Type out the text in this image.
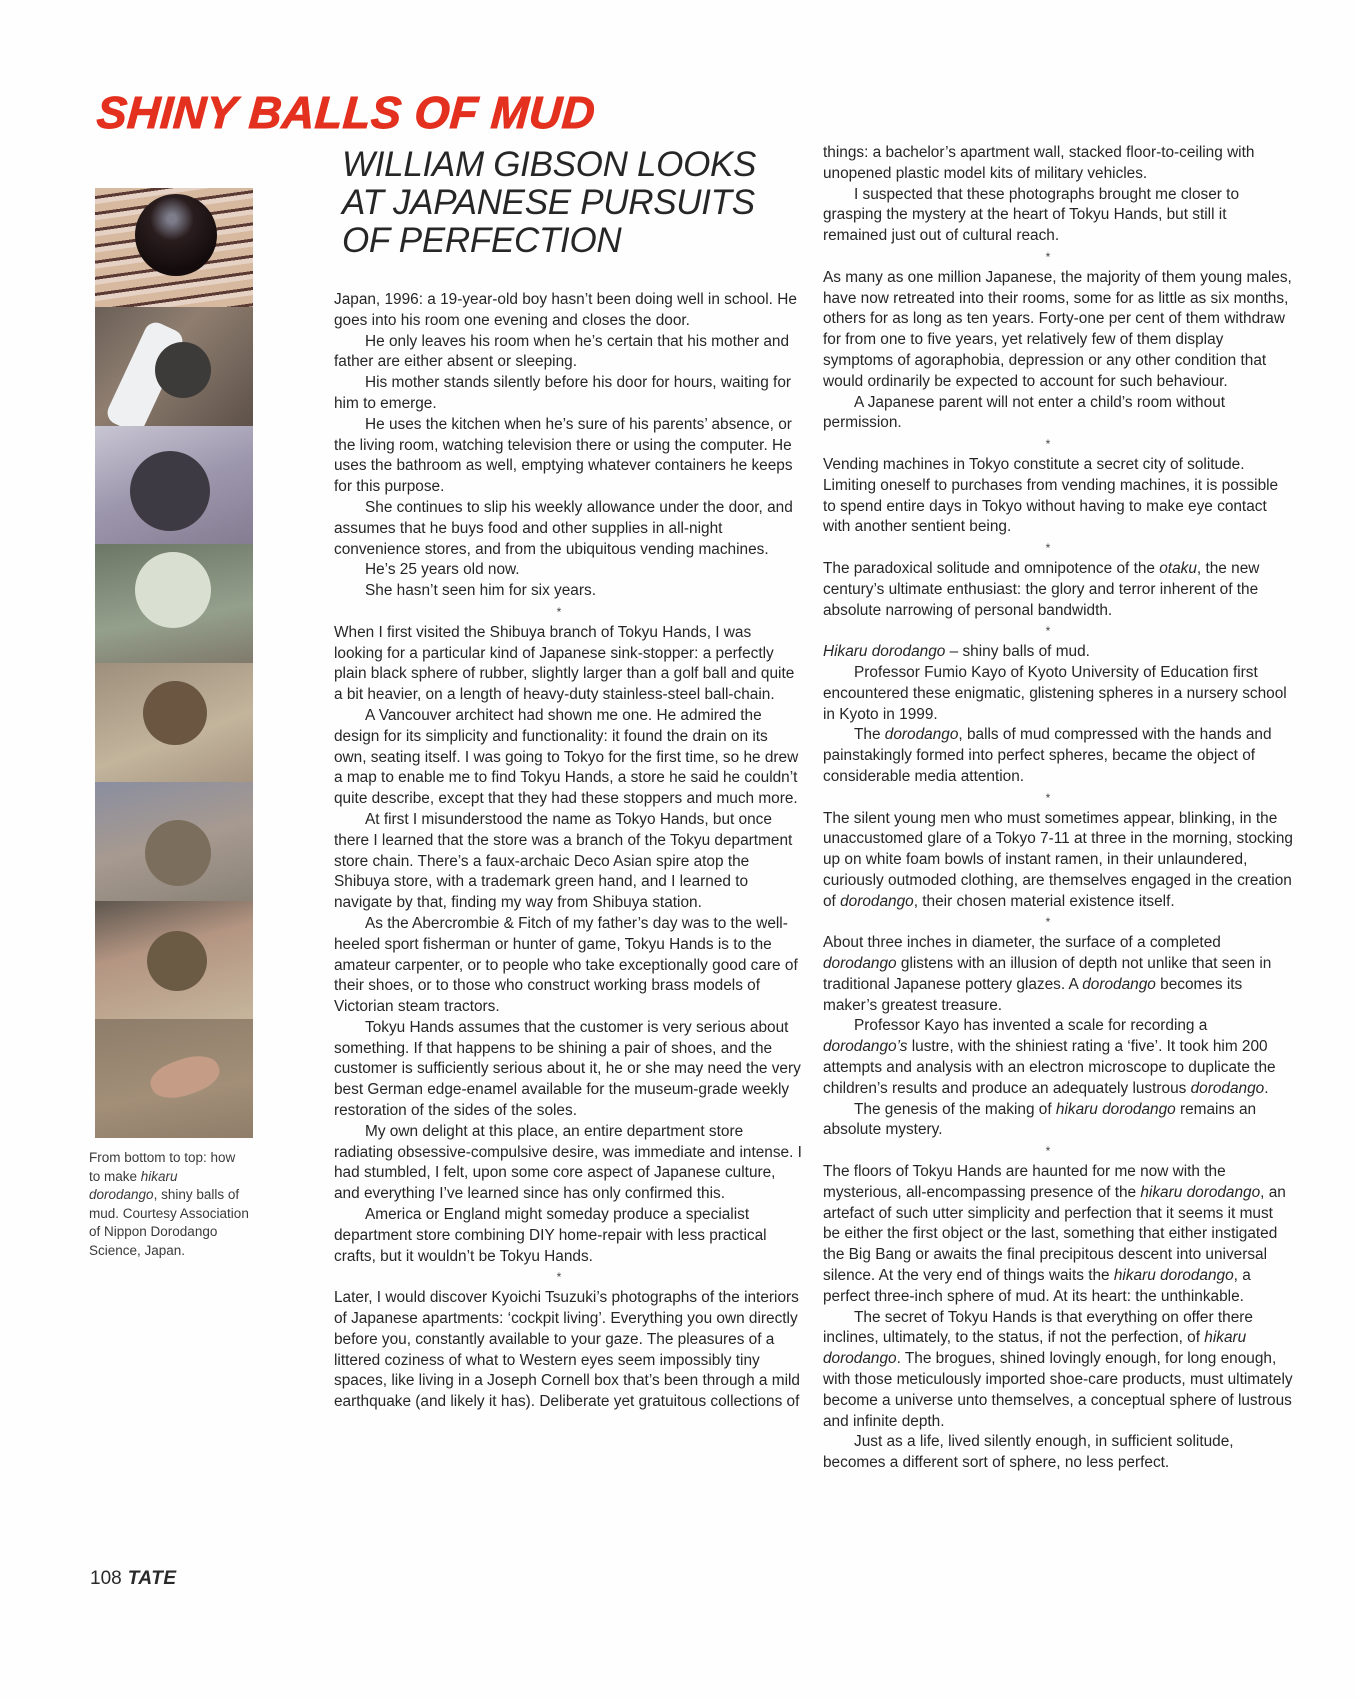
SHINY BALLS OF MUD
WILLIAM GIBSON LOOKS AT JAPANESE PURSUITS OF PERFECTION

From bottom to top: how to make hikaru dorodango, shiny balls of mud. Courtesy Association of Nippon Dorodango Science, Japan.

108 TATE

Japan, 1996: a 19-year-old boy hasn’t been doing well in school. He goes into his room one evening and closes the door.

He only leaves his room when he’s certain that his mother and father are either absent or sleeping.

His mother stands silently before his door for hours, waiting for him to emerge.

He uses the kitchen when he’s sure of his parents’ absence, or the living room, watching television there or using the computer. He uses the bathroom as well, emptying whatever containers he keeps for this purpose.

She continues to slip his weekly allowance under the door, and assumes that he buys food and other supplies in all-night convenience stores, and from the ubiquitous vending machines.

He’s 25 years old now.

She hasn’t seen him for six years.

*

When I first visited the Shibuya branch of Tokyu Hands, I was looking for a particular kind of Japanese sink-stopper: a perfectly plain black sphere of rubber, slightly larger than a golf ball and quite a bit heavier, on a length of heavy-duty stainless-steel ball-chain.

A Vancouver architect had shown me one. He admired the design for its simplicity and functionality: it found the drain on its own, seating itself. I was going to Tokyo for the first time, so he drew a map to enable me to find Tokyu Hands, a store he said he couldn’t quite describe, except that they had these stoppers and much more.

At first I misunderstood the name as Tokyo Hands, but once there I learned that the store was a branch of the Tokyu department store chain. There’s a faux-archaic Deco Asian spire atop the Shibuya store, with a trademark green hand, and I learned to navigate by that, finding my way from Shibuya station.

As the Abercrombie & Fitch of my father’s day was to the well-heeled sport fisherman or hunter of game, Tokyu Hands is to the amateur carpenter, or to people who take exceptionally good care of their shoes, or to those who construct working brass models of Victorian steam tractors.

Tokyu Hands assumes that the customer is very serious about something. If that happens to be shining a pair of shoes, and the customer is sufficiently serious about it, he or she may need the very best German edge-enamel available for the museum-grade weekly restoration of the sides of the soles.

My own delight at this place, an entire department store radiating obsessive-compulsive desire, was immediate and intense. I had stumbled, I felt, upon some core aspect of Japanese culture, and everything I’ve learned since has only confirmed this.

America or England might someday produce a specialist department store combining DIY home-repair with less practical crafts, but it wouldn’t be Tokyu Hands.

*

Later, I would discover Kyoichi Tsuzuki’s photographs of the interiors of Japanese apartments: ‘cockpit living’. Everything you own directly before you, constantly available to your gaze. The pleasures of a littered coziness of what to Western eyes seem impossibly tiny spaces, like living in a Joseph Cornell box that’s been through a mild earthquake (and likely it has). Deliberate yet gratuitous collections of

things: a bachelor’s apartment wall, stacked floor-to-ceiling with unopened plastic model kits of military vehicles.

I suspected that these photographs brought me closer to grasping the mystery at the heart of Tokyu Hands, but still it remained just out of cultural reach.

*

As many as one million Japanese, the majority of them young males, have now retreated into their rooms, some for as little as six months, others for as long as ten years. Forty-one per cent of them withdraw for from one to five years, yet relatively few of them display symptoms of agoraphobia, depression or any other condition that would ordinarily be expected to account for such behaviour.

A Japanese parent will not enter a child’s room without permission.

*

Vending machines in Tokyo constitute a secret city of solitude. Limiting oneself to purchases from vending machines, it is possible to spend entire days in Tokyo without having to make eye contact with another sentient being.

*

The paradoxical solitude and omnipotence of the otaku, the new century’s ultimate enthusiast: the glory and terror inherent of the absolute narrowing of personal bandwidth.

*

Hikaru dorodango – shiny balls of mud.

Professor Fumio Kayo of Kyoto University of Education first encountered these enigmatic, glistening spheres in a nursery school in Kyoto in 1999.

The dorodango, balls of mud compressed with the hands and painstakingly formed into perfect spheres, became the object of considerable media attention.

*

The silent young men who must sometimes appear, blinking, in the unaccustomed glare of a Tokyo 7-11 at three in the morning, stocking up on white foam bowls of instant ramen, in their unlaundered, curiously outmoded clothing, are themselves engaged in the creation of dorodango, their chosen material existence itself.

*

About three inches in diameter, the surface of a completed dorodango glistens with an illusion of depth not unlike that seen in traditional Japanese pottery glazes. A dorodango becomes its maker’s greatest treasure.

Professor Kayo has invented a scale for recording a dorodango’s lustre, with the shiniest rating a ‘five’. It took him 200 attempts and analysis with an electron microscope to duplicate the children’s results and produce an adequately lustrous dorodango.

The genesis of the making of hikaru dorodango remains an absolute mystery.

*

The floors of Tokyu Hands are haunted for me now with the mysterious, all-encompassing presence of the hikaru dorodango, an artefact of such utter simplicity and perfection that it seems it must be either the first object or the last, something that either instigated the Big Bang or awaits the final precipitous descent into universal silence. At the very end of things waits the hikaru dorodango, a perfect three-inch sphere of mud. At its heart: the unthinkable.

The secret of Tokyu Hands is that everything on offer there inclines, ultimately, to the status, if not the perfection, of hikaru dorodango. The brogues, shined lovingly enough, for long enough, with those meticulously imported shoe-care products, must ultimately become a universe unto themselves, a conceptual sphere of lustrous and infinite depth.

Just as a life, lived silently enough, in sufficient solitude, becomes a different sort of sphere, no less perfect.
